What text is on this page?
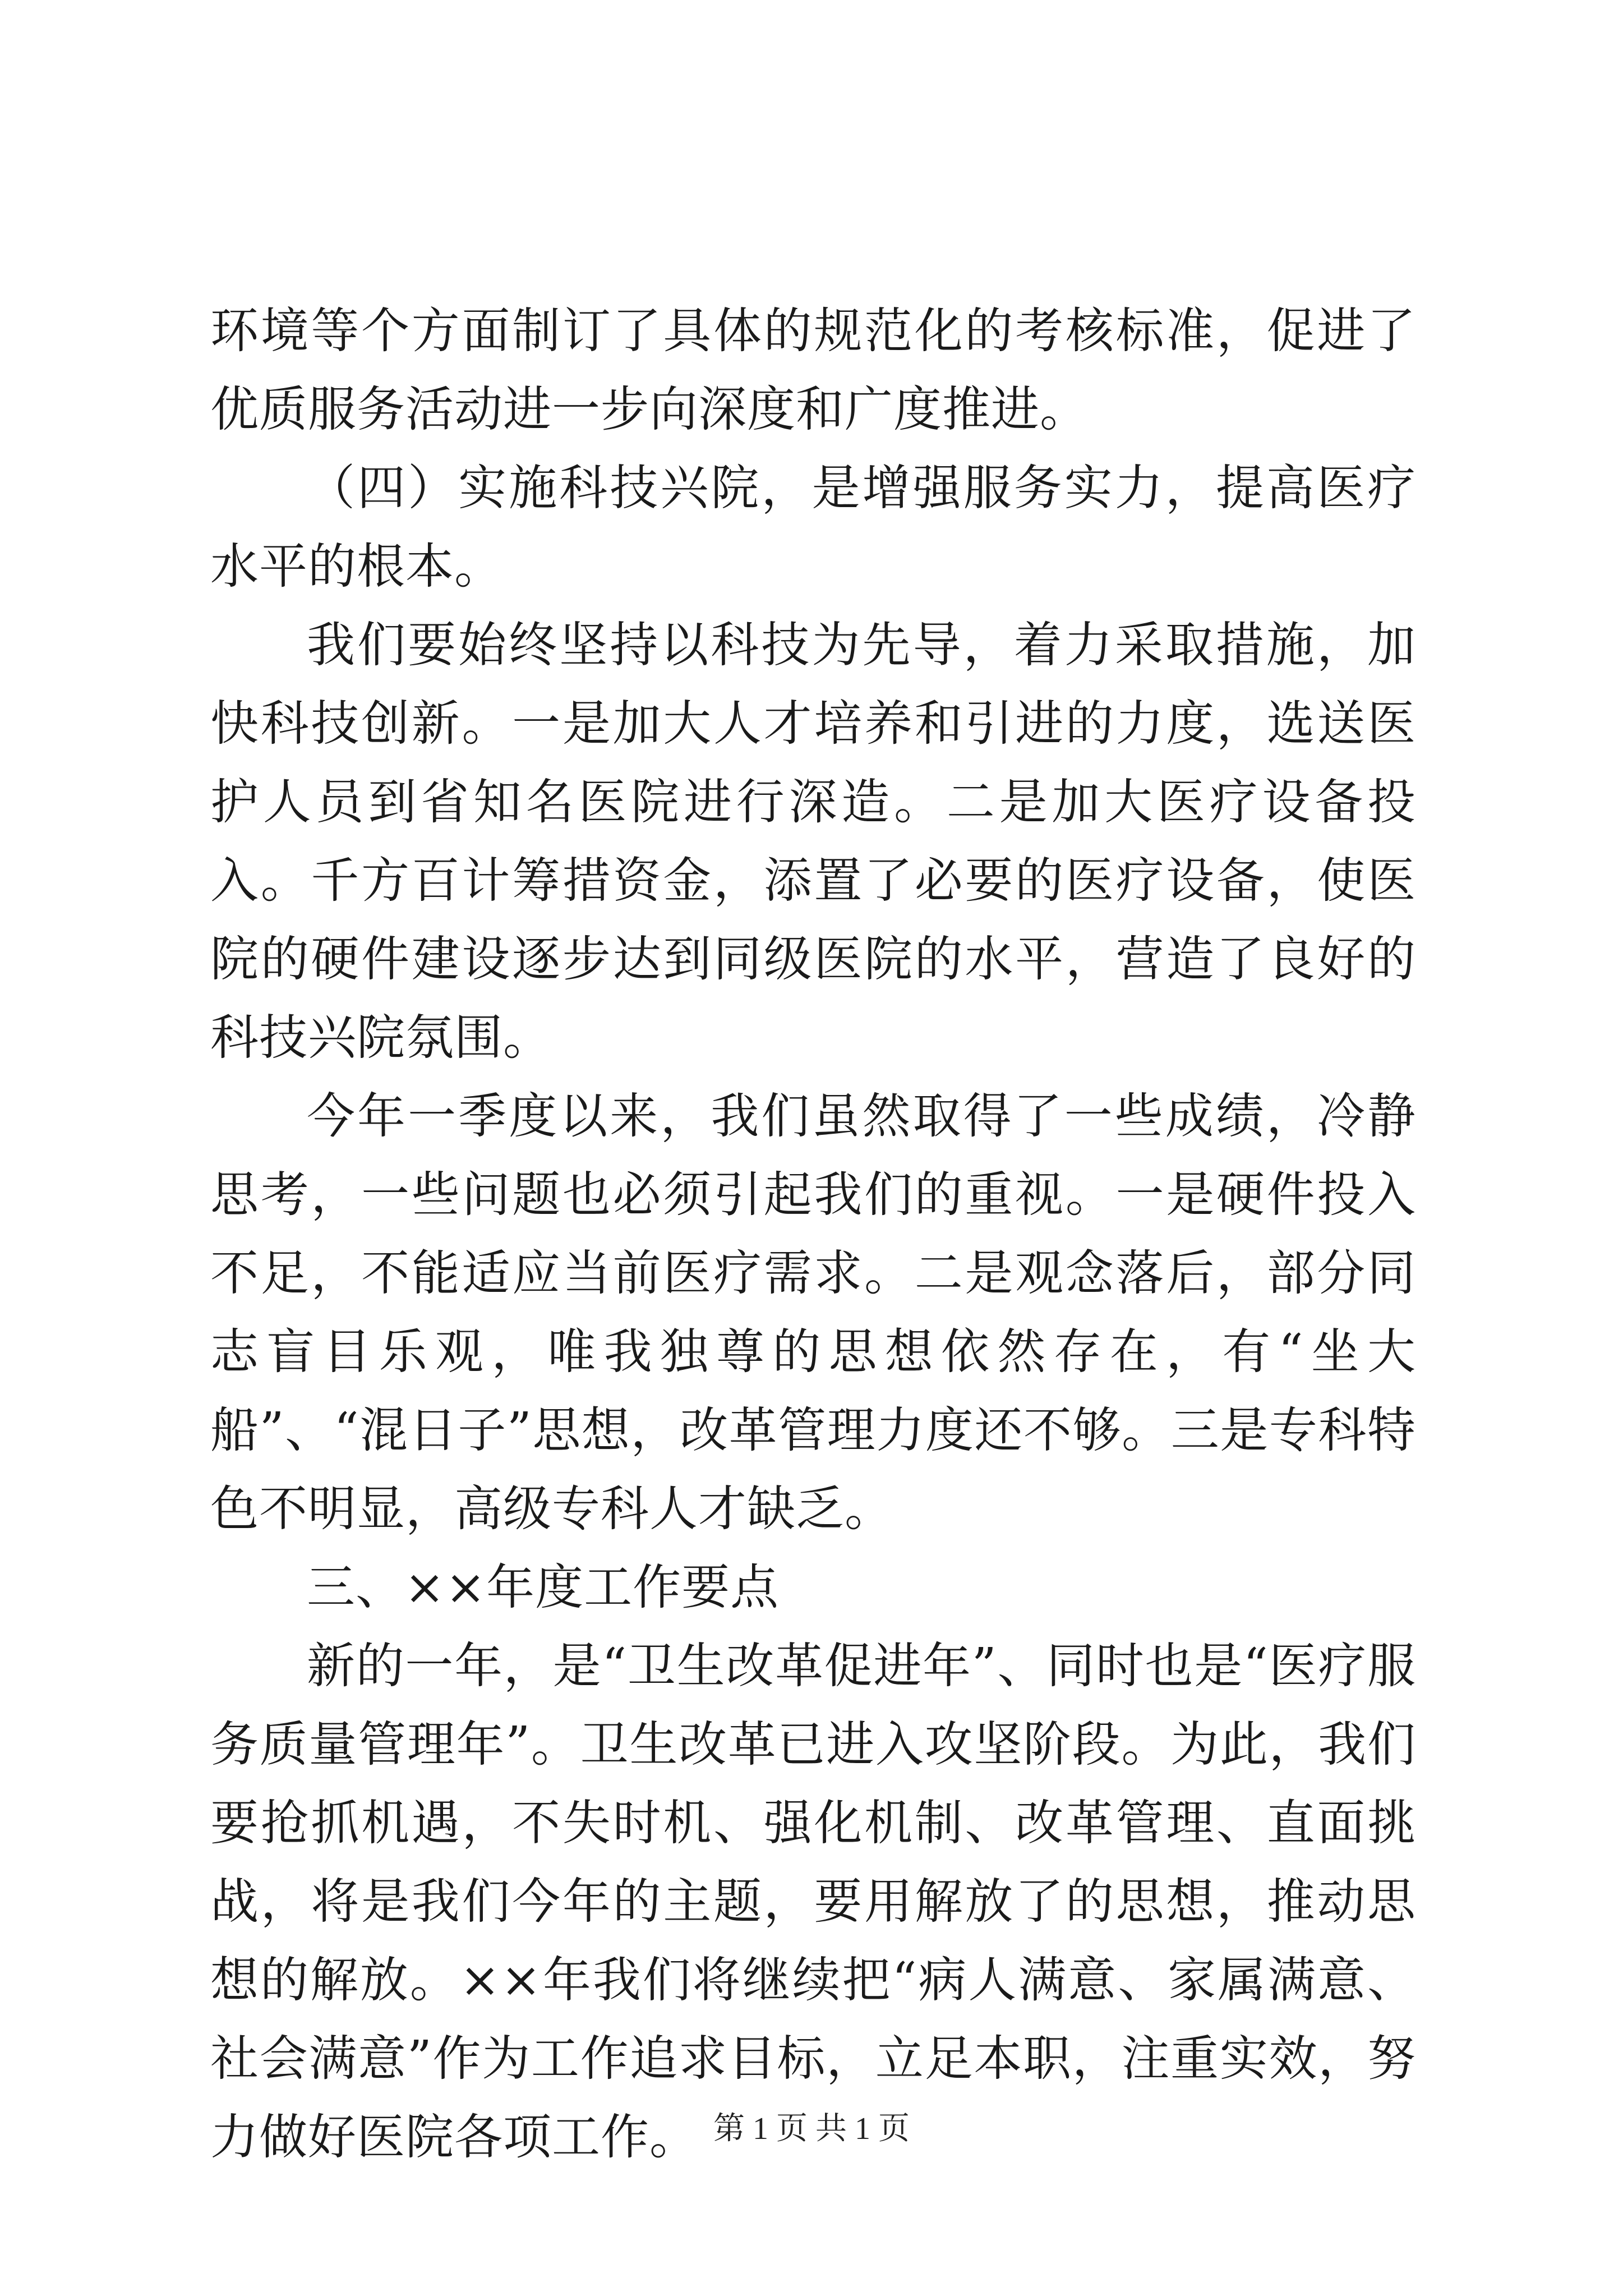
环境等个方面制订了具体的规范化的考核标准，促进了优质服务活动进一步向深度和广度推进。

（四）实施科技兴院，是增强服务实力，提高医疗水平的根本。

我们要始终坚持以科技为先导，着力采取措施，加快科技创新。一是加大人才培养和引进的力度，选送医护人员到省知名医院进行深造。二是加大医疗设备投入。千方百计筹措资金，添置了必要的医疗设备，使医院的硬件建设逐步达到同级医院的水平，营造了良好的科技兴院氛围。

今年一季度以来，我们虽然取得了一些成绩，冷静思考，一些问题也必须引起我们的重视。一是硬件投入不足，不能适应当前医疗需求。二是观念落后，部分同志盲目乐观，唯我独尊的思想依然存在，有“坐大船”、“混日子”思想，改革管理力度还不够。三是专科特色不明显，高级专科人才缺乏。

三、××年度工作要点

新的一年，是“卫生改革促进年”、同时也是“医疗服务质量管理年”。卫生改革已进入攻坚阶段。为此，我们要抢抓机遇，不失时机、强化机制、改革管理、直面挑战，将是我们今年的主题，要用解放了的思想，推动思想的解放。××年我们将继续把“病人满意、家属满意、社会满意”作为工作追求目标，立足本职，注重实效，努力做好医院各项工作。 第 1 页 共 1 页
